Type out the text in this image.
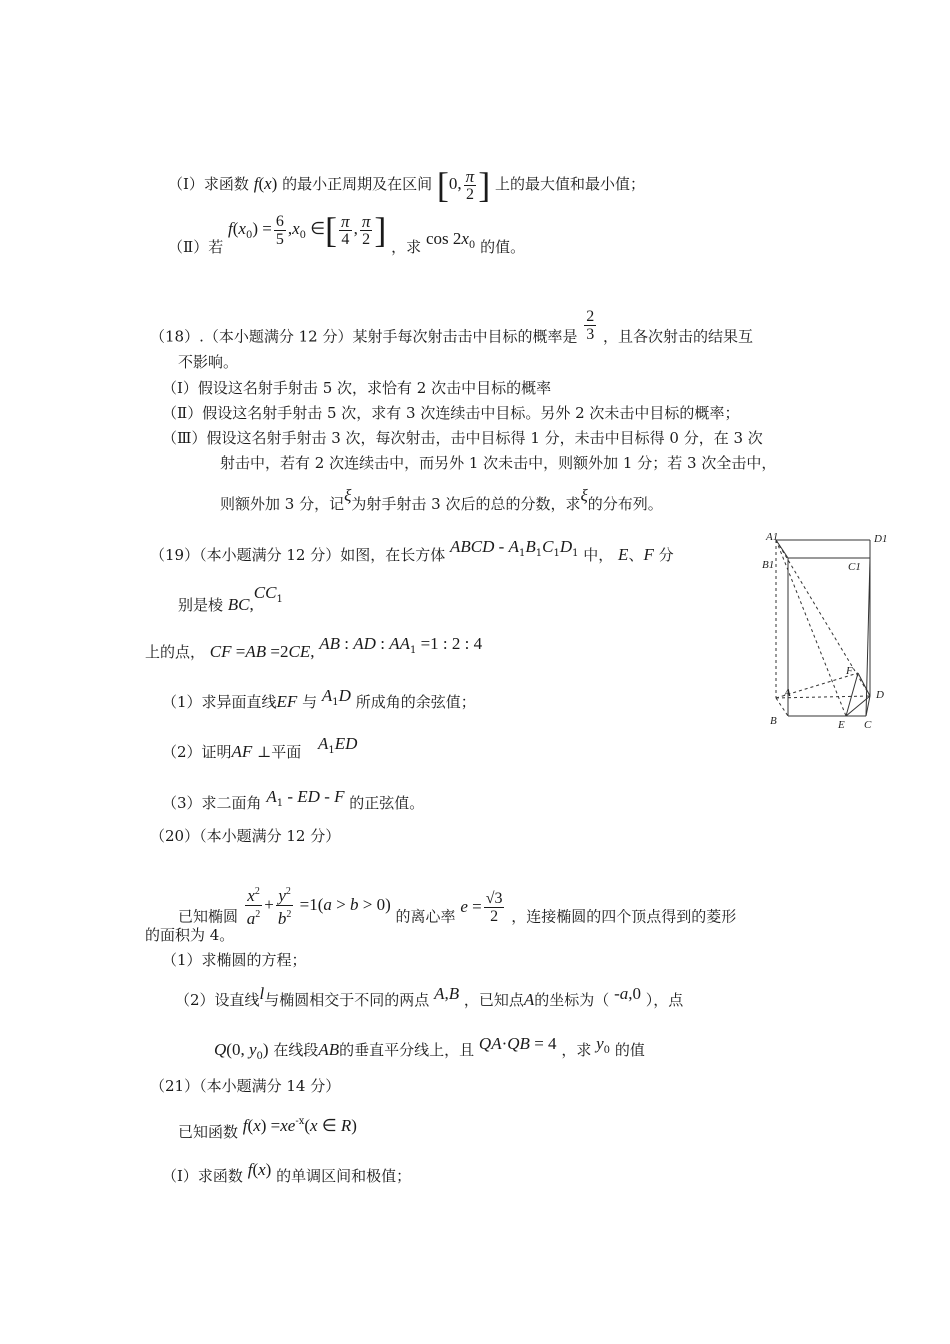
（Ⅰ）求函数 f(x) 的最小正周期及在区间 [0, $\frac{\pi}{2}$ ] 上的最大值和最小值；
（Ⅱ）若 $f(x_0) = \frac{6}{5} ,x_0$ ∈[ $\frac{\pi}{4}$ , $\frac{\pi}{2}$ ] ，求 $\cos 2x_0$ 的值。
（18）.（本小题满分 12 分）某射手每次射击击中目标的概率是 $\frac{2}{3}$ ，且各次射击的结果互
不影响。
（Ⅰ）假设这名射手射击 5 次，求恰有 2 次击中目标的概率
（Ⅱ）假设这名射手射击 5 次，求有 3 次连续击中目标。另外 2 次未击中目标的概率；
（Ⅲ）假设这名射手射击 3 次，每次射击，击中目标得 1 分，未击中目标得 0 分，在 3 次
射击中，若有 2 次连续击中，而另外 1 次未击中，则额外加 1 分；若 3 次全击中，
则额外加 3 分，记ξ为射手射击 3 次后的总的分数，求ξ的分布列。
（19）（本小题满分 12 分）如图，在长方体 ABCD - $A_1B_1C_1D_1$ 中， E、F 分
别是棱 $BC,CC_1$
上的点， CF =AB =2CE, AB : AD : $AA_1 =1$ : 2 : 4
（1）求异面直线EF 与 $A_1D$ 所成角的余弦值；
（2）证明AF ⊥平面 $A_1ED$
（3）求二面角 $A_1$ - ED - F 的正弦值。
A1	D1
B1	C1
F
A	D
B	E C
（20）（本小题满分 12 分）
已知椭圆 $\frac{x^2}{a^2} + \frac{y^2}{b^2} =1(a > b > 0)$ 的离心率 $e = \frac{√3}{2}$ ，连接椭圆的四个顶点得到的菱形
的面积为 4。
（1）求椭圆的方程；
（2）设直线l与椭圆相交于不同的两点 A,B ，已知点A的坐标为（ -a,0 ），点
Q(0, $y_0$) 在线段AB的垂直平分线上，且 QA·QB = 4 ，求 $y_0$ 的值
（21）（本小题满分 14 分）
已知函数 $f(x) =xe^{-x}(x$ ∈ R)
（Ⅰ）求函数 f(x) 的单调区间和极值；
